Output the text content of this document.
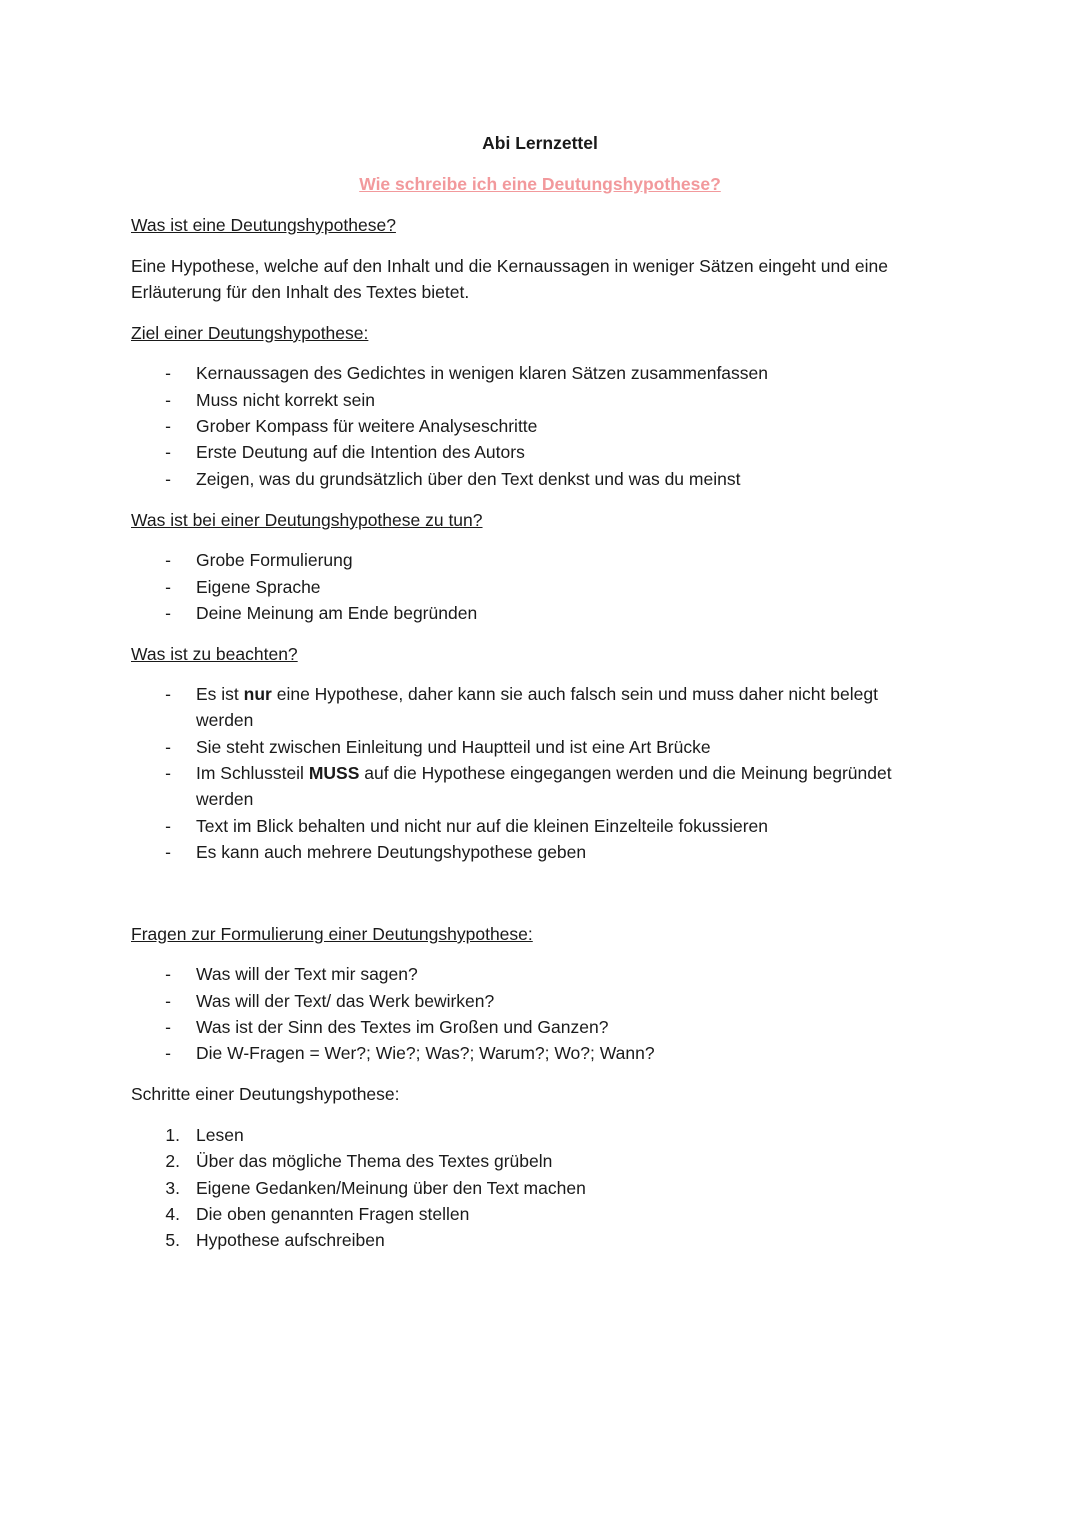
Abi Lernzettel
Wie schreibe ich eine Deutungshypothese?
Was ist eine Deutungshypothese?
Eine Hypothese, welche auf den Inhalt und die Kernaussagen in weniger Sätzen eingeht und eine
Erläuterung für den Inhalt des Textes bietet.
Ziel einer Deutungshypothese:
- Kernaussagen des Gedichtes in wenigen klaren Sätzen zusammenfassen
- Muss nicht korrekt sein
- Grober Kompass für weitere Analyseschritte
- Erste Deutung auf die Intention des Autors
- Zeigen, was du grundsätzlich über den Text denkst und was du meinst
Was ist bei einer Deutungshypothese zu tun?
- Grobe Formulierung
- Eigene Sprache
- Deine Meinung am Ende begründen
Was ist zu beachten?
- Es ist nur eine Hypothese, daher kann sie auch falsch sein und muss daher nicht belegt
werden
- Sie steht zwischen Einleitung und Hauptteil und ist eine Art Brücke
- Im Schlussteil MUSS auf die Hypothese eingegangen werden und die Meinung begründet
werden
- Text im Blick behalten und nicht nur auf die kleinen Einzelteile fokussieren
- Es kann auch mehrere Deutungshypothese geben
Fragen zur Formulierung einer Deutungshypothese:
- Was will der Text mir sagen?
- Was will der Text/ das Werk bewirken?
- Was ist der Sinn des Textes im Großen und Ganzen?
- Die W-Fragen = Wer?; Wie?; Was?; Warum?; Wo?; Wann?
Schritte einer Deutungshypothese:
1. Lesen
2. Über das mögliche Thema des Textes grübeln
3. Eigene Gedanken/Meinung über den Text machen
4. Die oben genannten Fragen stellen
5. Hypothese aufschreiben
